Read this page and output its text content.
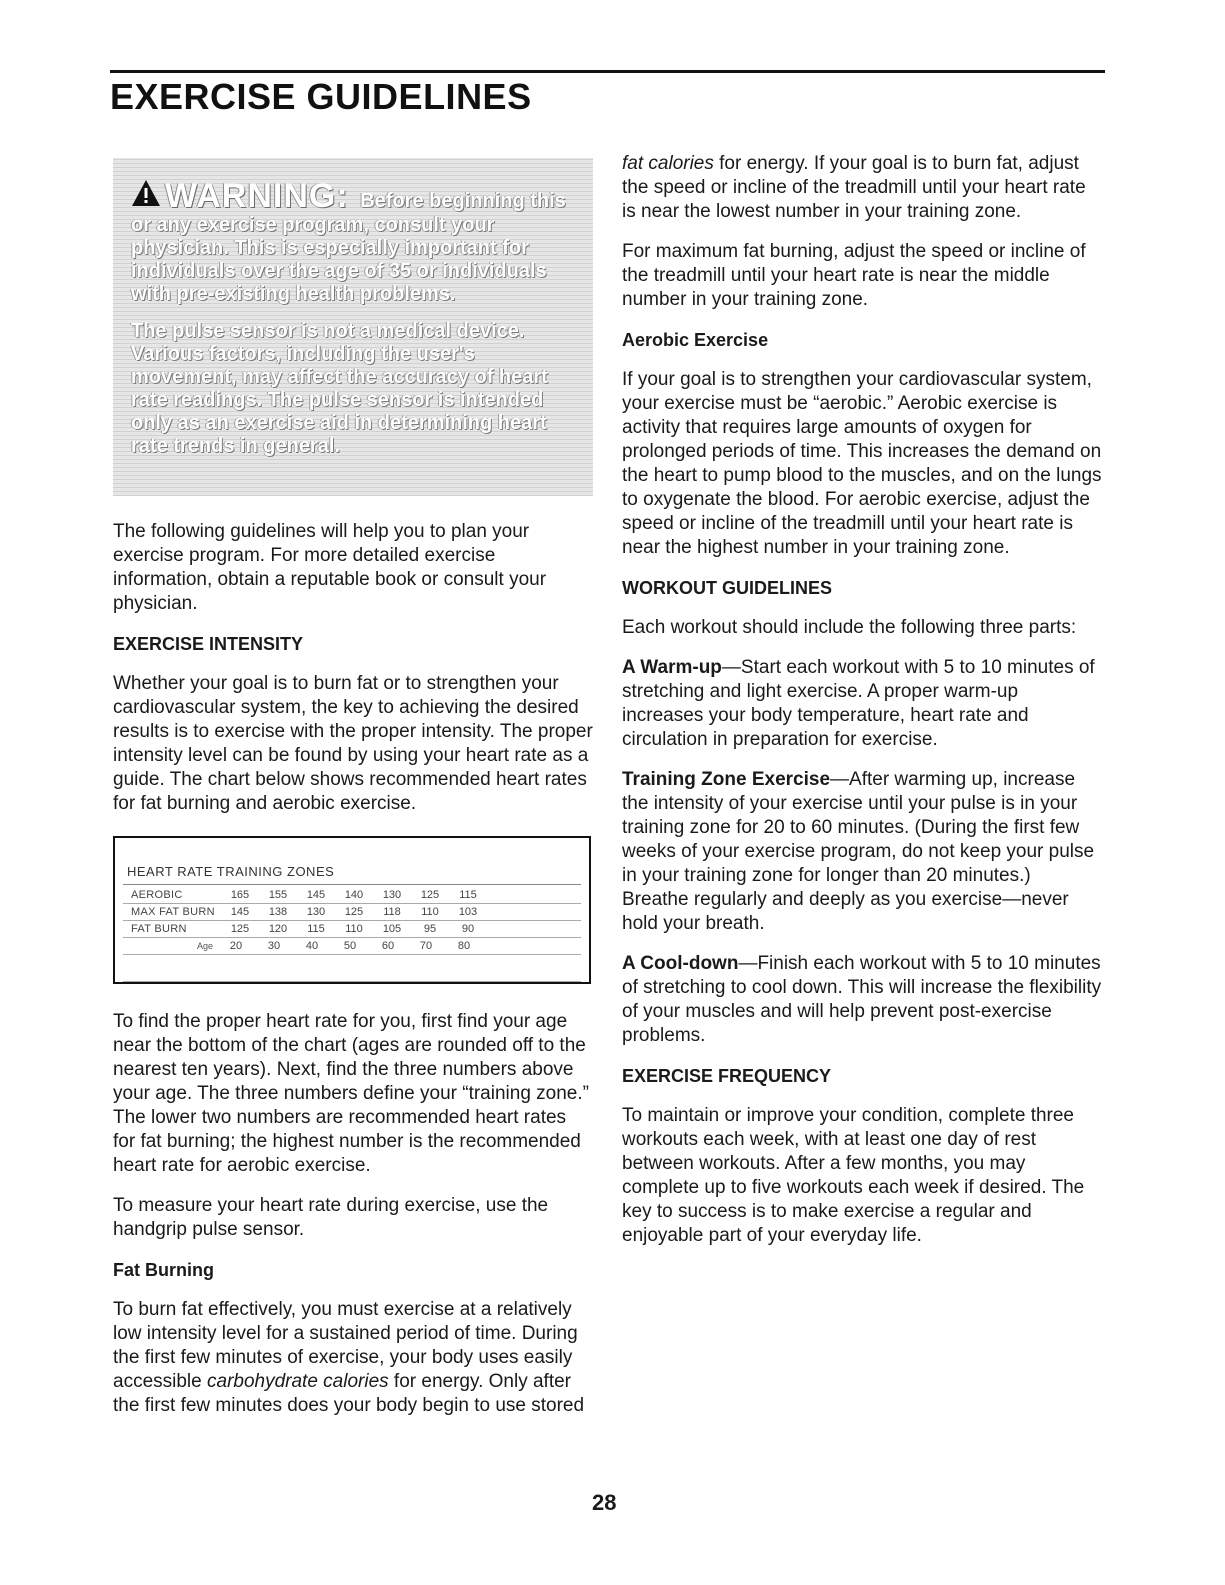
EXERCISE GUIDELINES

WARNING: Before beginning this or any exercise program, consult your physician. This is especially important for individuals over the age of 35 or individuals with pre-existing health problems.

The pulse sensor is not a medical device. Various factors, including the user's movement, may affect the accuracy of heart rate readings. The pulse sensor is intended only as an exercise aid in determining heart rate trends in general.

The following guidelines will help you to plan your exercise program. For more detailed exercise information, obtain a reputable book or consult your physician.

EXERCISE INTENSITY

Whether your goal is to burn fat or to strengthen your cardiovascular system, the key to achieving the desired results is to exercise with the proper intensity. The proper intensity level can be found by using your heart rate as a guide. The chart below shows recommended heart rates for fat burning and aerobic exercise.

HEART RATE TRAINING ZONES
AEROBIC	165	155	145	140	130	125	115
MAX FAT BURN	145	138	130	125	118	110	103
FAT BURN	125	120	115	110	105	95	90
Age	20	30	40	50	60	70	80

To find the proper heart rate for you, first find your age near the bottom of the chart (ages are rounded off to the nearest ten years). Next, find the three numbers above your age. The three numbers define your “training zone.” The lower two numbers are recommended heart rates for fat burning; the highest number is the recommended heart rate for aerobic exercise.

To measure your heart rate during exercise, use the handgrip pulse sensor.

Fat Burning

To burn fat effectively, you must exercise at a relatively low intensity level for a sustained period of time. During the first few minutes of exercise, your body uses easily accessible carbohydrate calories for energy. Only after the first few minutes does your body begin to use stored

fat calories for energy. If your goal is to burn fat, adjust the speed or incline of the treadmill until your heart rate is near the lowest number in your training zone.

For maximum fat burning, adjust the speed or incline of the treadmill until your heart rate is near the middle number in your training zone.

Aerobic Exercise

If your goal is to strengthen your cardiovascular system, your exercise must be “aerobic.” Aerobic exercise is activity that requires large amounts of oxygen for prolonged periods of time. This increases the demand on the heart to pump blood to the muscles, and on the lungs to oxygenate the blood. For aerobic exercise, adjust the speed or incline of the treadmill until your heart rate is near the highest number in your training zone.

WORKOUT GUIDELINES

Each workout should include the following three parts:

A Warm-up—Start each workout with 5 to 10 minutes of stretching and light exercise. A proper warm-up increases your body temperature, heart rate and circulation in preparation for exercise.

Training Zone Exercise—After warming up, increase the intensity of your exercise until your pulse is in your training zone for 20 to 60 minutes. (During the first few weeks of your exercise program, do not keep your pulse in your training zone for longer than 20 minutes.) Breathe regularly and deeply as you exercise—never hold your breath.

A Cool-down—Finish each workout with 5 to 10 minutes of stretching to cool down. This will increase the flexibility of your muscles and will help prevent post-exercise problems.

EXERCISE FREQUENCY

To maintain or improve your condition, complete three workouts each week, with at least one day of rest between workouts. After a few months, you may complete up to five workouts each week if desired. The key to success is to make exercise a regular and enjoyable part of your everyday life.

28
